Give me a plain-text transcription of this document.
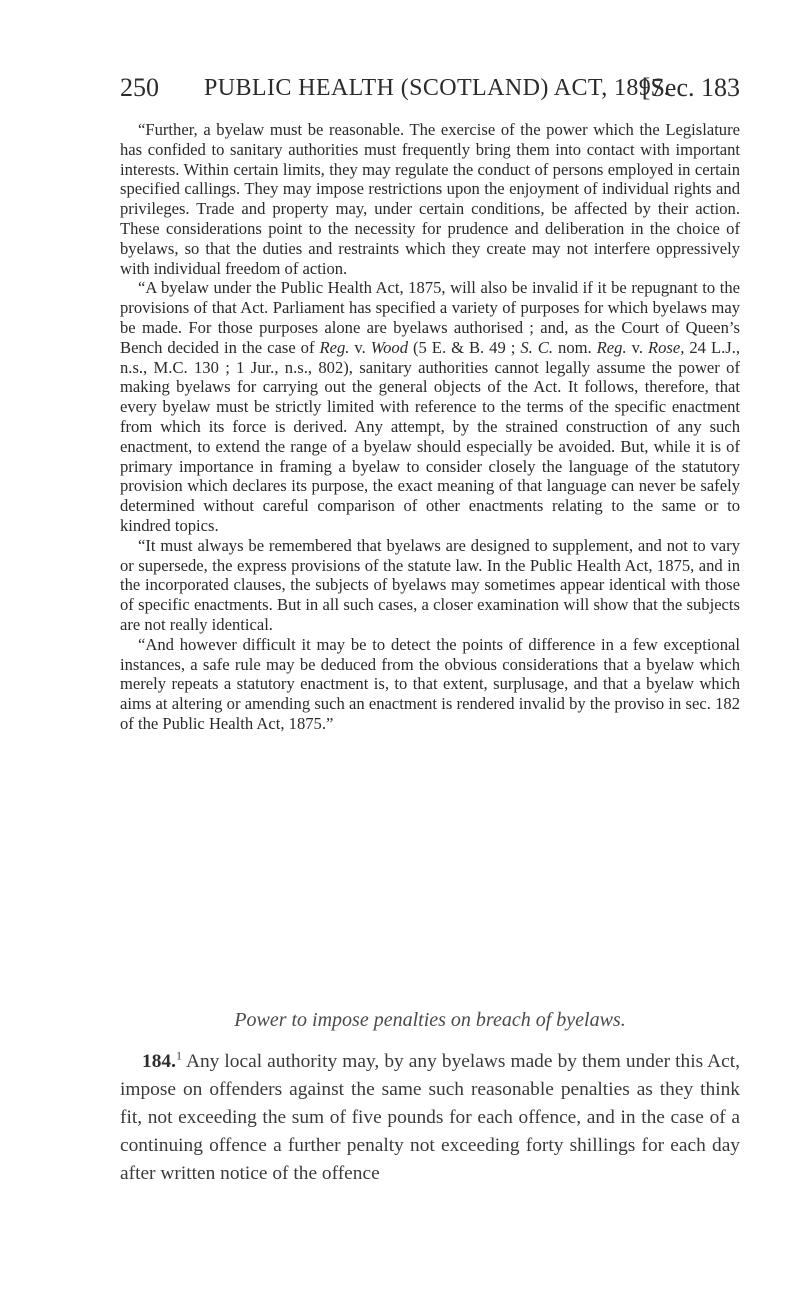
250 PUBLIC HEALTH (SCOTLAND) ACT, 1897.
[Sec. 183

“Further, a byelaw must be reasonable. The exercise of the power which the Legislature has confided to sanitary authorities must frequently bring them into contact with important interests. Within certain limits, they may regulate the conduct of persons employed in certain specified callings. They may impose restrictions upon the enjoyment of individual rights and privileges. Trade and property may, under certain conditions, be affected by their action. These considerations point to the necessity for prudence and deliberation in the choice of byelaws, so that the duties and restraints which they create may not interfere oppressively with individual freedom of action.

“A byelaw under the Public Health Act, 1875, will also be invalid if it be repugnant to the provisions of that Act. Parliament has specified a variety of purposes for which byelaws may be made. For those purposes alone are byelaws authorised ; and, as the Court of Queen’s Bench decided in the case of Reg. v. Wood (5 E. & B. 49 ; S. C. nom. Reg. v. Rose, 24 L.J., n.s., M.C. 130 ; 1 Jur., n.s., 802), sanitary authorities cannot legally assume the power of making byelaws for carrying out the general objects of the Act. It follows, therefore, that every byelaw must be strictly limited with reference to the terms of the specific enactment from which its force is derived. Any attempt, by the strained construction of any such enactment, to extend the range of a byelaw should especially be avoided. But, while it is of primary importance in framing a byelaw to consider closely the language of the statutory provision which declares its purpose, the exact meaning of that language can never be safely determined without careful comparison of other enactments relating to the same or to kindred topics.

“It must always be remembered that byelaws are designed to supplement, and not to vary or supersede, the express provisions of the statute law. In the Public Health Act, 1875, and in the incorporated clauses, the subjects of byelaws may sometimes appear identical with those of specific enactments. But in all such cases, a closer examination will show that the subjects are not really identical.

“And however difficult it may be to detect the points of difference in a few exceptional instances, a safe rule may be deduced from the obvious considerations that a byelaw which merely repeats a statutory enactment is, to that extent, surplusage, and that a byelaw which aims at altering or amending such an enactment is rendered invalid by the proviso in sec. 182 of the Public Health Act, 1875.”

Power to impose penalties on breach of byelaws.

184.$^1$ Any local authority may, by any byelaws made by them under this Act, impose on offenders against the same such reasonable penalties as they think fit, not exceeding the sum of five pounds for each offence, and in the case of a continuing offence a further penalty not exceeding forty shillings for each day after written notice of the offence
